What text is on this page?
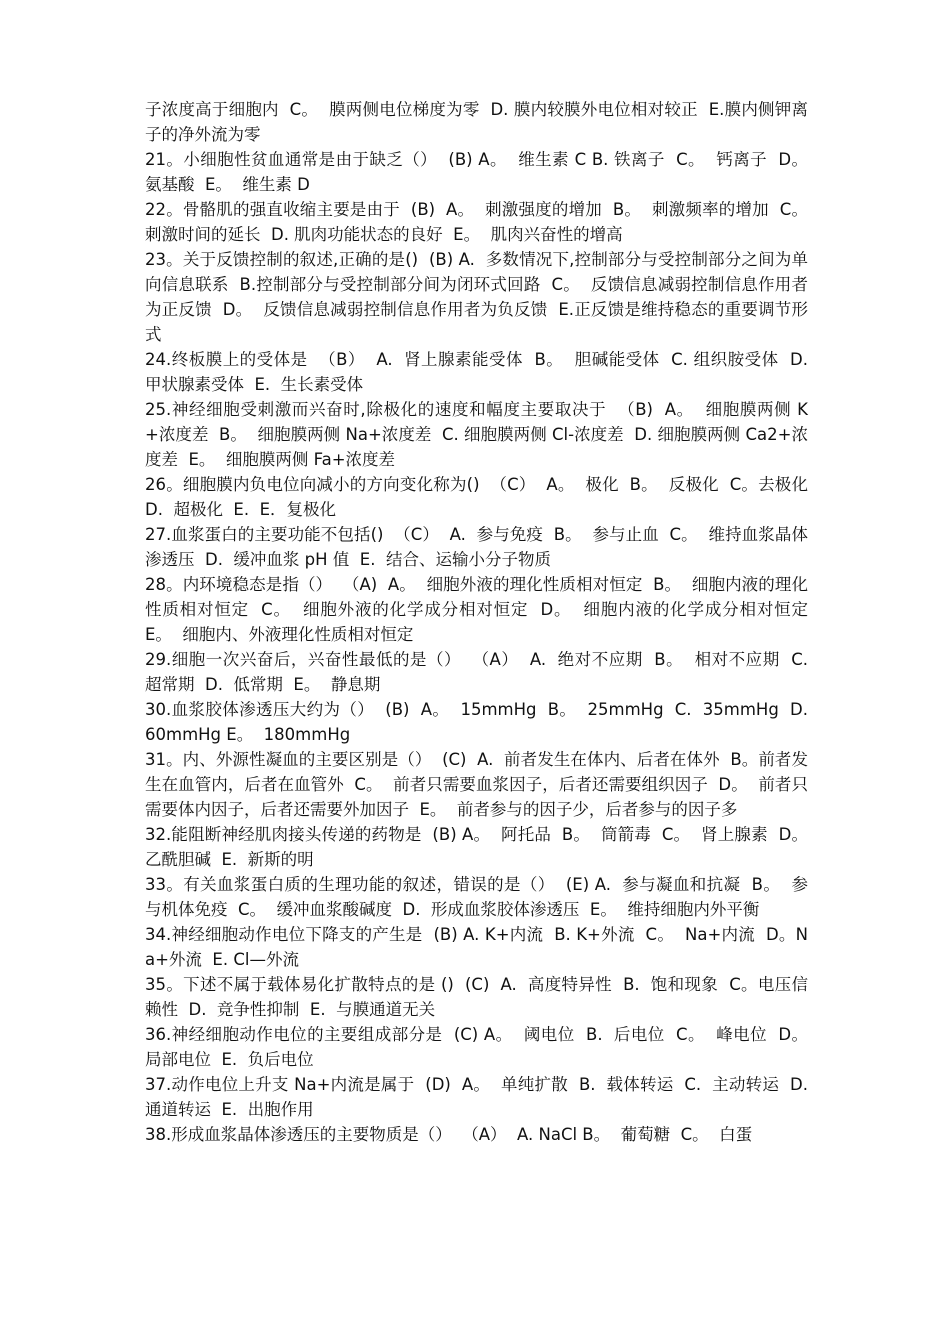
子浓度高于细胞内  C。  膜两侧电位梯度为零  D. 膜内较膜外电位相对较正  E.膜内侧钾离子的净外流为零

21。小细胞性贫血通常是由于缺乏（）  (B) A。  维生素 C B. 铁离子  C。  钙离子  D。  氨基酸  E。  维生素 D

22。骨骼肌的强直收缩主要是由于  (B)  A。  刺激强度的增加  B。  刺激频率的增加  C。  刺激时间的延长  D. 肌肉功能状态的良好  E。  肌肉兴奋性的增高

23。关于反馈控制的叙述,正确的是()  (B) A.  多数情况下,控制部分与受控制部分之间为单向信息联系  B.控制部分与受控制部分间为闭环式回路  C。  反馈信息减弱控制信息作用者为正反馈  D。  反馈信息减弱控制信息作用者为负反馈  E.正反馈是维持稳态的重要调节形式

24.终板膜上的受体是  （B）  A.  肾上腺素能受体  B。  胆碱能受体  C. 组织胺受体  D.  甲状腺素受体  E.  生长素受体

25.神经细胞受刺激而兴奋时,除极化的速度和幅度主要取决于  （B)  A。  细胞膜两侧 K+浓度差  B。  细胞膜两侧 Na+浓度差  C. 细胞膜两侧 Cl-浓度差  D. 细胞膜两侧 Ca2+浓度差  E。  细胞膜两侧 Fa+浓度差

26。细胞膜内负电位向减小的方向变化称为()  （C）  A。  极化  B。  反极化  C。去极化  D.  超极化  E.  E．复极化

27.血浆蛋白的主要功能不包括()  （C）  A.  参与免疫  B。  参与止血  C。  维持血浆晶体渗透压  D.  缓冲血浆 pH 值  E.  结合、运输小分子物质

28。内环境稳态是指（）  （A)  A。  细胞外液的理化性质相对恒定  B。  细胞内液的理化性质相对恒定  C。  细胞外液的化学成分相对恒定  D。  细胞内液的化学成分相对恒定  E。  细胞内、外液理化性质相对恒定

29.细胞一次兴奋后，兴奋性最低的是（）  （A）  A.  绝对不应期  B。  相对不应期  C.  超常期  D.  低常期  E。  静息期

30.血浆胶体渗透压大约为（）  (B)  A。  15mmHg  B。  25mmHg  C.  35mmHg  D. 60mmHg E。  180mmHg

31。内、外源性凝血的主要区别是（）  (C)  A.  前者发生在体内、后者在体外  B。前者发生在血管内，后者在血管外  C。  前者只需要血浆因子，后者还需要组织因子  D。  前者只需要体内因子，后者还需要外加因子  E。  前者参与的因子少，后者参与的因子多

32.能阻断神经肌肉接头传递的药物是  (B) A。  阿托品  B。  筒箭毒  C。  肾上腺素  D。  乙酰胆碱  E.  新斯的明

33。有关血浆蛋白质的生理功能的叙述，错误的是（）  (E) A.  参与凝血和抗凝  B。  参与机体免疫  C。  缓冲血浆酸碱度  D.  形成血浆胶体渗透压  E。  维持细胞内外平衡

34.神经细胞动作电位下降支的产生是  (B) A. K+内流  B. K+外流  C。  Na+内流  D。Na+外流  E. Cl—外流

35。下述不属于载体易化扩散特点的是 ()  (C)  A.  高度特异性  B.  饱和现象  C。电压信赖性  D.  竞争性抑制  E.  与膜通道无关

36.神经细胞动作电位的主要组成部分是  (C) A。  阈电位  B.  后电位  C。  峰电位  D。  局部电位  E.  负后电位

37.动作电位上升支 Na+内流是属于  (D)  A。  单纯扩散  B.  载体转运  C.  主动转运  D.  通道转运  E.  出胞作用

38.形成血浆晶体渗透压的主要物质是（）  （A）  A. NaCl B。  葡萄糖  C。  白蛋
